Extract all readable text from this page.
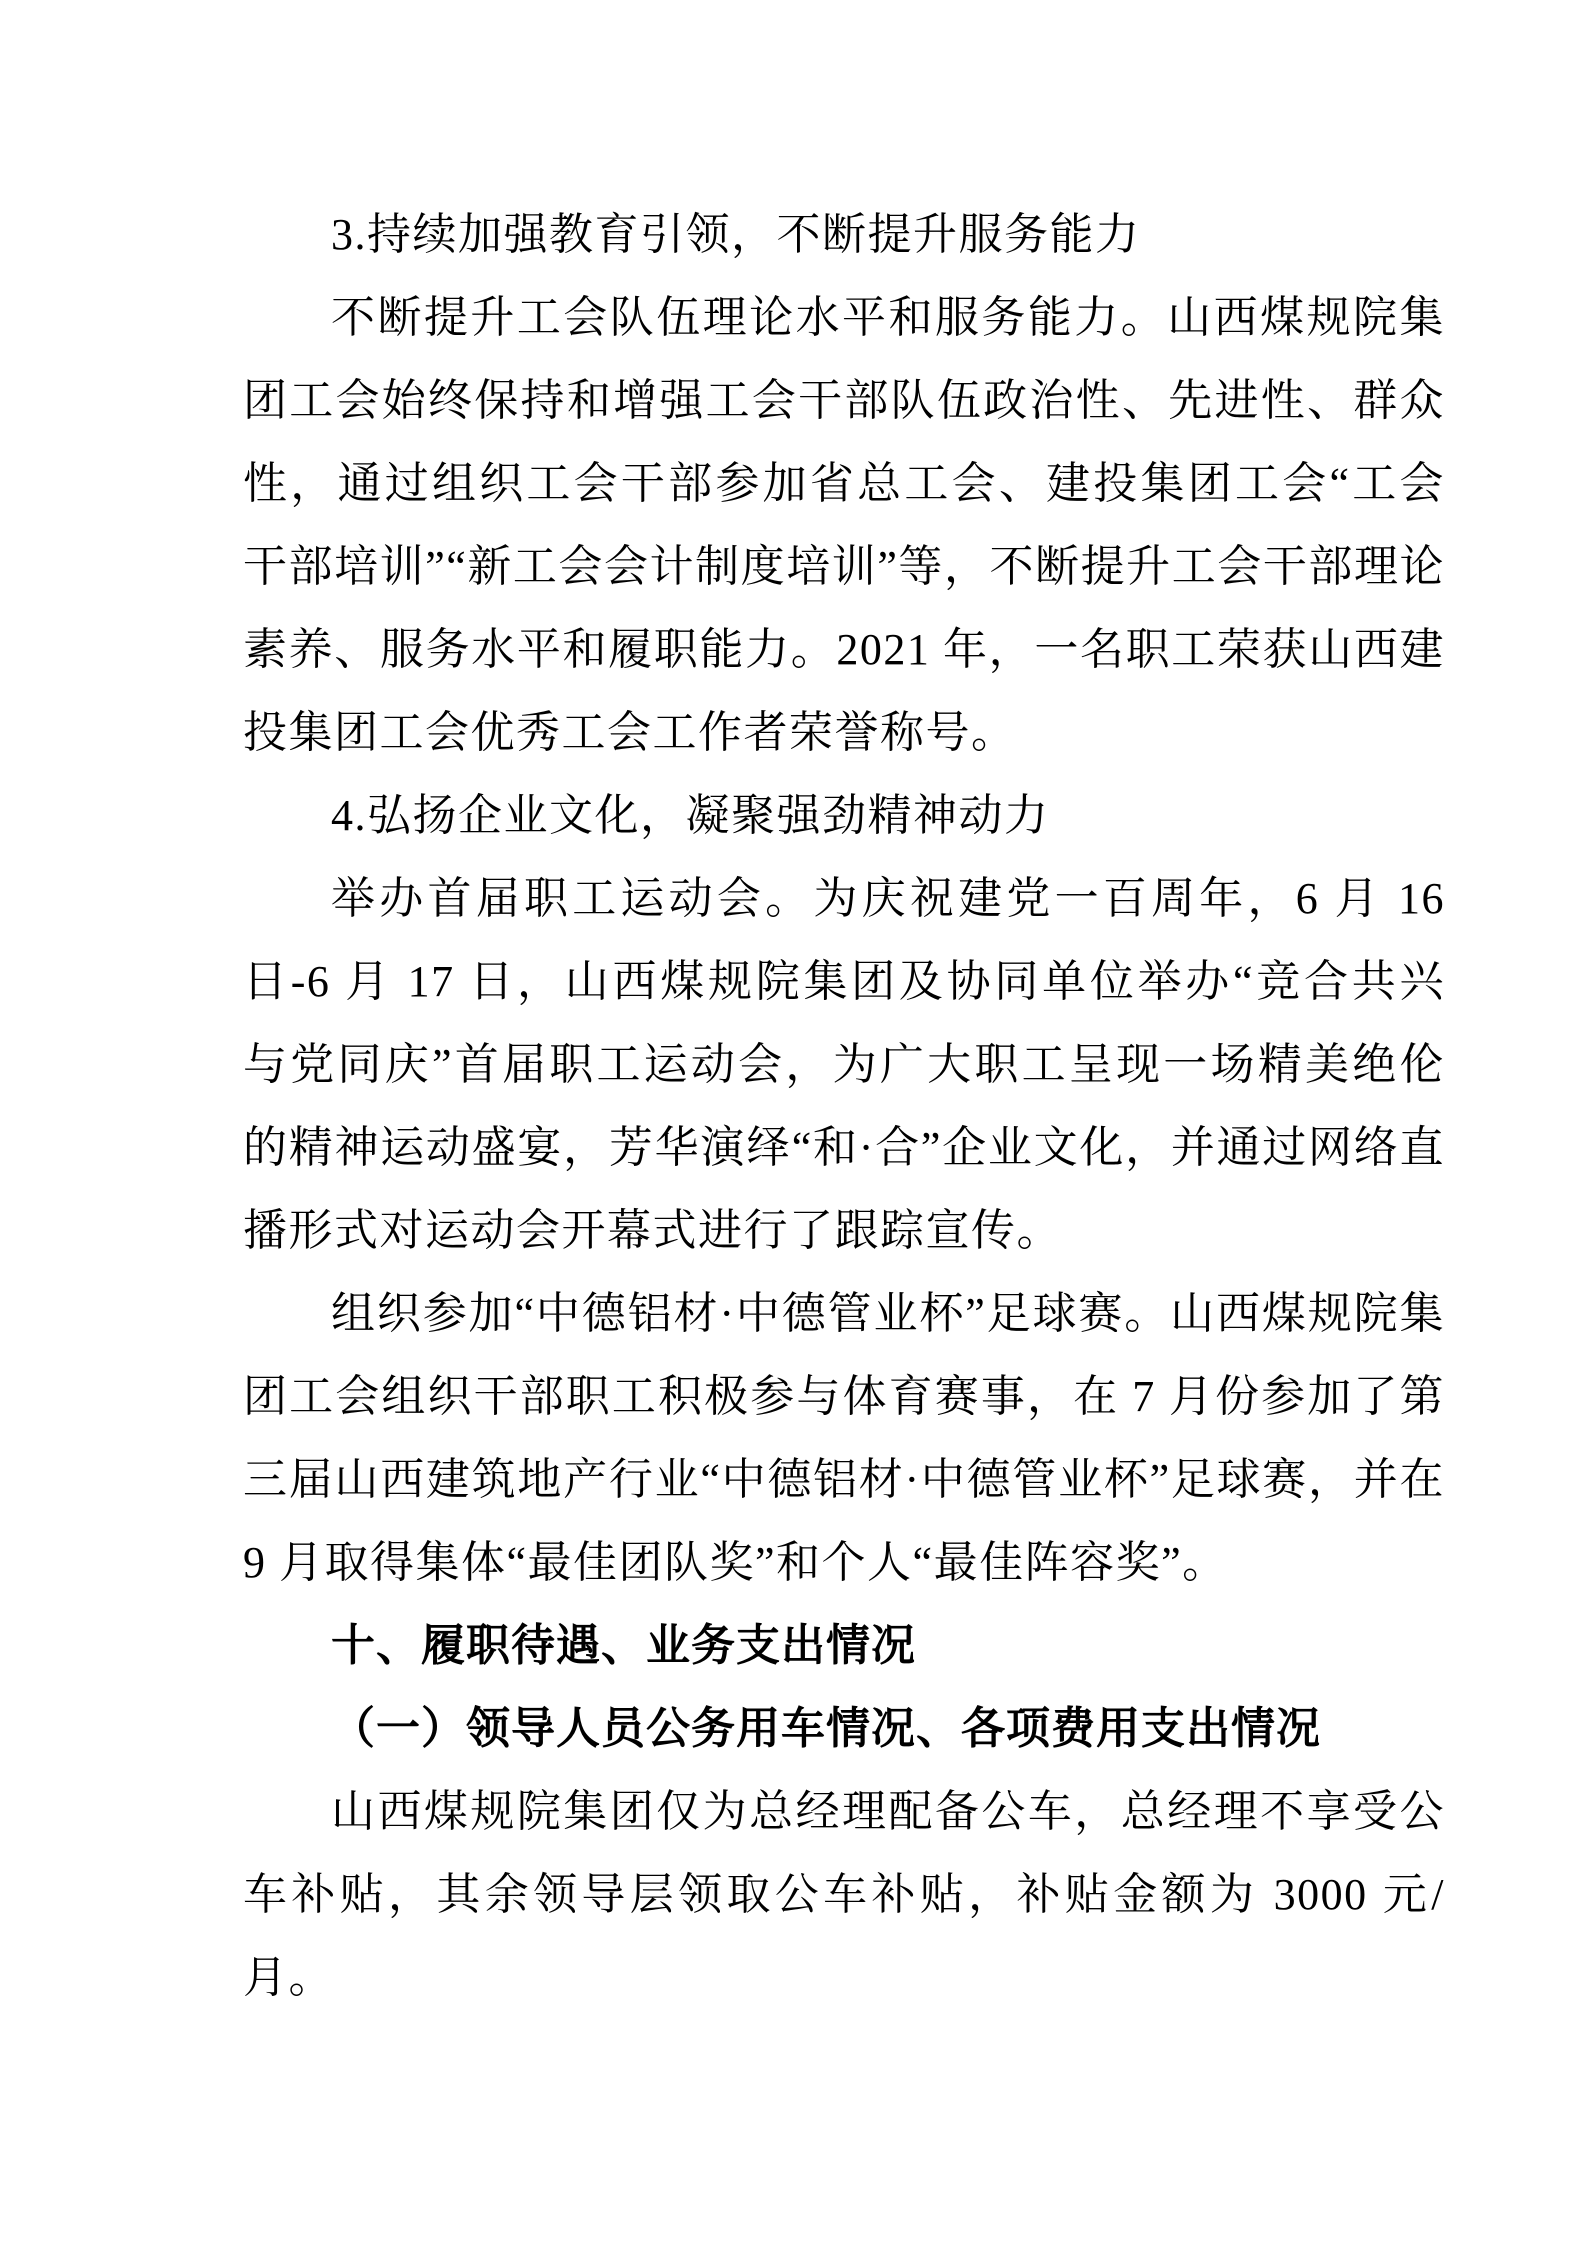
3.持续加强教育引领，不断提升服务能力

不断提升工会队伍理论水平和服务能力。山西煤规院集团工会始终保持和增强工会干部队伍政治性、先进性、群众性，通过组织工会干部参加省总工会、建投集团工会“工会干部培训”“新工会会计制度培训”等，不断提升工会干部理论素养、服务水平和履职能力。2021 年，一名职工荣获山西建投集团工会优秀工会工作者荣誉称号。

4.弘扬企业文化，凝聚强劲精神动力

举办首届职工运动会。为庆祝建党一百周年，6 月 16 日-6 月 17 日，山西煤规院集团及协同单位举办“竞合共兴 与党同庆”首届职工运动会，为广大职工呈现一场精美绝伦的精神运动盛宴，芳华演绎“和·合”企业文化，并通过网络直播形式对运动会开幕式进行了跟踪宣传。

组织参加“中德铝材·中德管业杯”足球赛。山西煤规院集团工会组织干部职工积极参与体育赛事，在 7 月份参加了第三届山西建筑地产行业“中德铝材·中德管业杯”足球赛，并在 9 月取得集体“最佳团队奖”和个人“最佳阵容奖”。

十、履职待遇、业务支出情况

（一）领导人员公务用车情况、各项费用支出情况

山西煤规院集团仅为总经理配备公车，总经理不享受公车补贴，其余领导层领取公车补贴，补贴金额为 3000 元/月。
